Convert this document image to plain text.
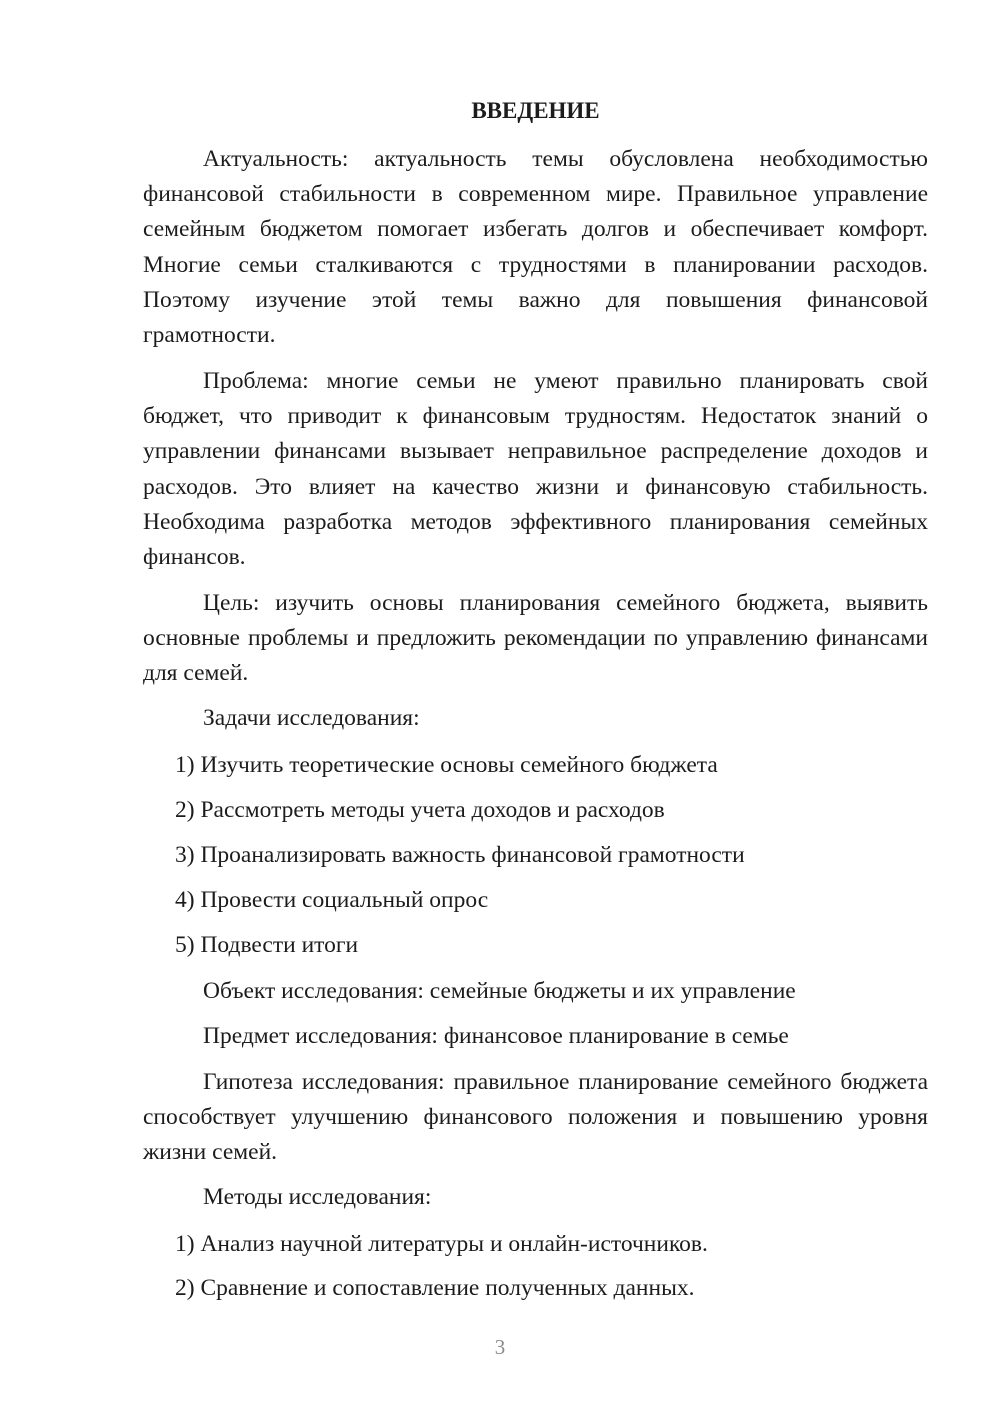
ВВЕДЕНИЕ

Актуальность: актуальность темы обусловлена необходимостью финансовой стабильности в современном мире. Правильное управление семейным бюджетом помогает избегать долгов и обеспечивает комфорт. Многие семьи сталкиваются с трудностями в планировании расходов. Поэтому изучение этой темы важно для повышения финансовой грамотности.

Проблема: многие семьи не умеют правильно планировать свой бюджет, что приводит к финансовым трудностям. Недостаток знаний о управлении финансами вызывает неправильное распределение доходов и расходов. Это влияет на качество жизни и финансовую стабильность. Необходима разработка методов эффективного планирования семейных финансов.

Цель: изучить основы планирования семейного бюджета, выявить основные проблемы и предложить рекомендации по управлению финансами для семей.

Задачи исследования:

1) Изучить теоретические основы семейного бюджета

2) Рассмотреть методы учета доходов и расходов

3) Проанализировать важность финансовой грамотности

4) Провести социальный опрос

5) Подвести итоги

Объект исследования: семейные бюджеты и их управление

Предмет исследования: финансовое планирование в семье

Гипотеза исследования: правильное планирование семейного бюджета способствует улучшению финансового положения и повышению уровня жизни семей.

Методы исследования:

1) Анализ научной литературы и онлайн-источников.

2) Сравнение и сопоставление полученных данных.

3
